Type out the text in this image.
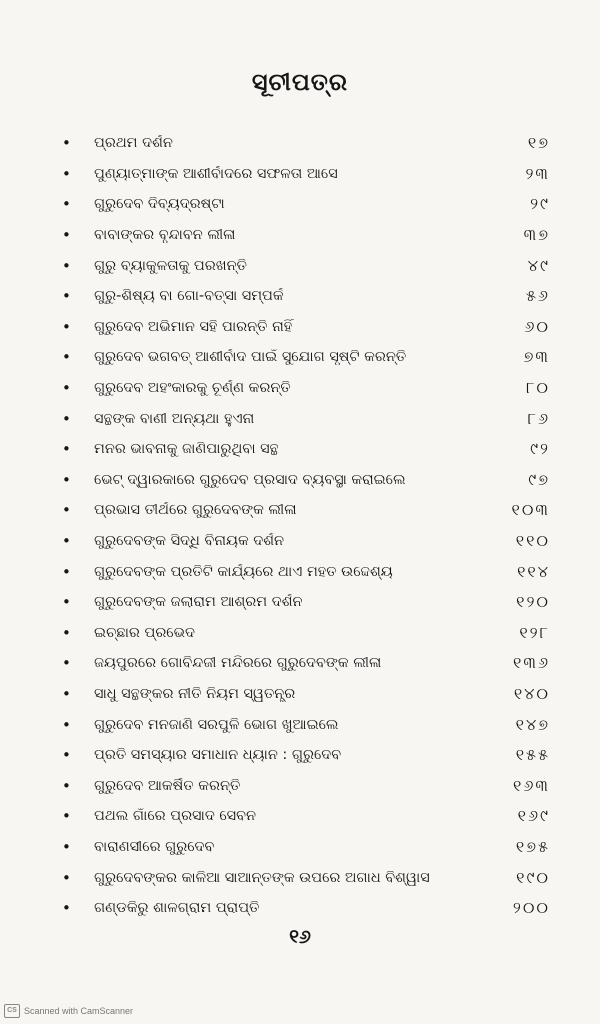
ସୂଚୀପତ୍ର
•	ପ୍ରଥମ ଦର୍ଶନ	୧୭
•	ପୁଣ୍ୟାତ୍ମାଙ୍କ ଆଶୀର୍ବାଦରେ ସଫଳତା ଆସେ	୨୩
•	ଗୁରୁଦେବ ଦିବ୍ୟଦ୍ରଷ୍ଟା	୨୯
•	ବାବାଙ୍କର ବୃନ୍ଦାବନ ଲୀଳା	୩୭
•	ଗୁରୁ ବ୍ୟାକୁଳତାକୁ ପରଖନ୍ତି	୪୯
•	ଗୁରୁ-ଶିଷ୍ୟ ବା ଗୋ-ବତ୍ସା ସମ୍ପର୍କ	୫୬
•	ଗୁରୁଦେବ ଅଭିମାନ ସହି ପାରନ୍ତି ନାହିଁ	୬୦
•	ଗୁରୁଦେବ ଭଗବତ୍ ଆଶୀର୍ବାଦ ପାଇଁ ସୁଯୋଗ ସୃଷ୍ଟି କରନ୍ତି	୭୩
•	ଗୁରୁଦେବ ଅହଂକାରକୁ ଚୂର୍ଣ୍ଣ କରନ୍ତି	୮୦
•	ସନ୍ଥଙ୍କ ବାଣୀ ଅନ୍ୟଥା ହୁଏନା	୮୬
•	ମନର ଭାବନାକୁ ଜାଣିପାରୁଥିବା ସନ୍ଥ	୯୨
•	ଭେଟ୍ ଦ୍ୱାରକାରେ ଗୁରୁଦେବ ପ୍ରସାଦ ବ୍ୟବସ୍ଥା କରାଇଲେ	୯୭
•	ପ୍ରଭାସ ତୀର୍ଥରେ ଗୁରୁଦେବଙ୍କ ଲୀଳା	୧୦୩
•	ଗୁରୁଦେବଙ୍କ ସିଦ୍ଧି ବିନାୟକ ଦର୍ଶନ	୧୧୦
•	ଗୁରୁଦେବଙ୍କ ପ୍ରତିଟି କାର୍ଯ୍ୟରେ ଥାଏ ମହତ ଉଦ୍ଦେଶ୍ୟ	୧୧୪
•	ଗୁରୁଦେବଙ୍କ ଜଲାରାମ ଆଶ୍ରମ ଦର୍ଶନ	୧୨୦
•	ଇଚ୍ଛାର ପ୍ରଭେଦ	୧୨୮
•	ଜୟପୁରରେ ଗୋବିନ୍ଦଜୀ ମନ୍ଦିରରେ ଗୁରୁଦେବଙ୍କ ଲୀଳା	୧୩୬
•	ସାଧୁ ସନ୍ଥଙ୍କର ନୀତି ନିୟମ ସ୍ୱତନ୍ତ୍ର	୧୪୦
•	ଗୁରୁଦେବ ମନଜାଣି ସରପୁଳି ଭୋଗ ଖୁଆଇଲେ	୧୪୭
•	ପ୍ରତି ସମସ୍ୟାର ସମାଧାନ ଧ୍ୟାନ : ଗୁରୁଦେବ	୧୫୫
•	ଗୁରୁଦେବ ଆକର୍ଷିତ କରନ୍ତି	୧୬୩
•	ପଥଲ ଗାଁରେ ପ୍ରସାଦ ସେବନ	୧୬୯
•	ବାରାଣସୀରେ ଗୁରୁଦେବ	୧୭୫
•	ଗୁରୁଦେବଙ୍କର କାଳିଆ ସାଆନ୍ତଙ୍କ ଉପରେ ଅଗାଧ ବିଶ୍ୱାସ	୧୯୦
•	ଗଣ୍ଡକିରୁ ଶାଳଗ୍ରାମ ପ୍ରାପ୍ତି	୨୦୦
୧୬
CS Scanned with CamScanner
